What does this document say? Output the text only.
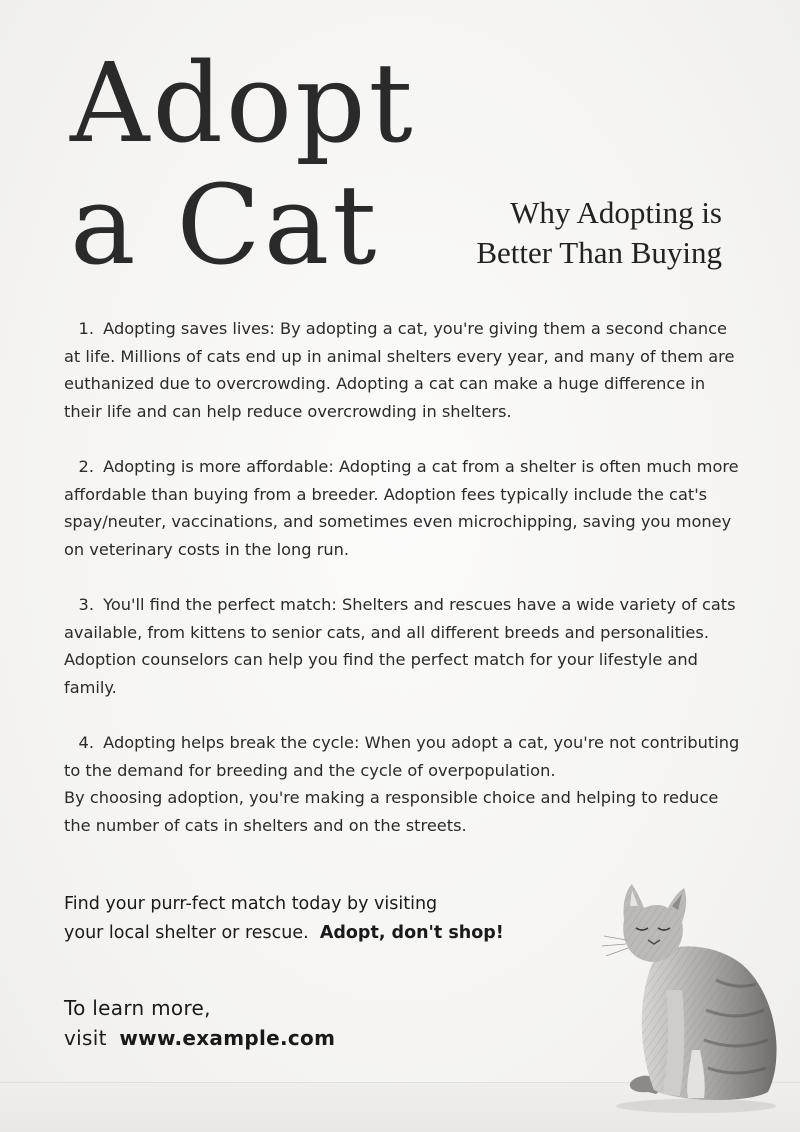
Adopt
a Cat	Why Adopting is
Better Than Buying

1. Adopting saves lives: By adopting a cat, you're giving them a second chance at life. Millions of cats end up in animal shelters every year, and many of them are euthanized due to overcrowding. Adopting a cat can make a huge difference in their life and can help reduce overcrowding in shelters.

2. Adopting is more affordable: Adopting a cat from a shelter is often much more affordable than buying from a breeder. Adoption fees typically include the cat's spay/neuter, vaccinations, and sometimes even microchipping, saving you money on veterinary costs in the long run.

3. You'll find the perfect match: Shelters and rescues have a wide variety of cats available, from kittens to senior cats, and all different breeds and personalities. Adoption counselors can help you find the perfect match for your lifestyle and family.

4. Adopting helps break the cycle: When you adopt a cat, you're not contributing to the demand for breeding and the cycle of overpopulation.
By choosing adoption, you're making a responsible choice and helping to reduce the number of cats in shelters and on the streets.

Find your purr-fect match today by visiting
your local shelter or rescue. Adopt, don't shop!
To learn more,
visit www.example.com
